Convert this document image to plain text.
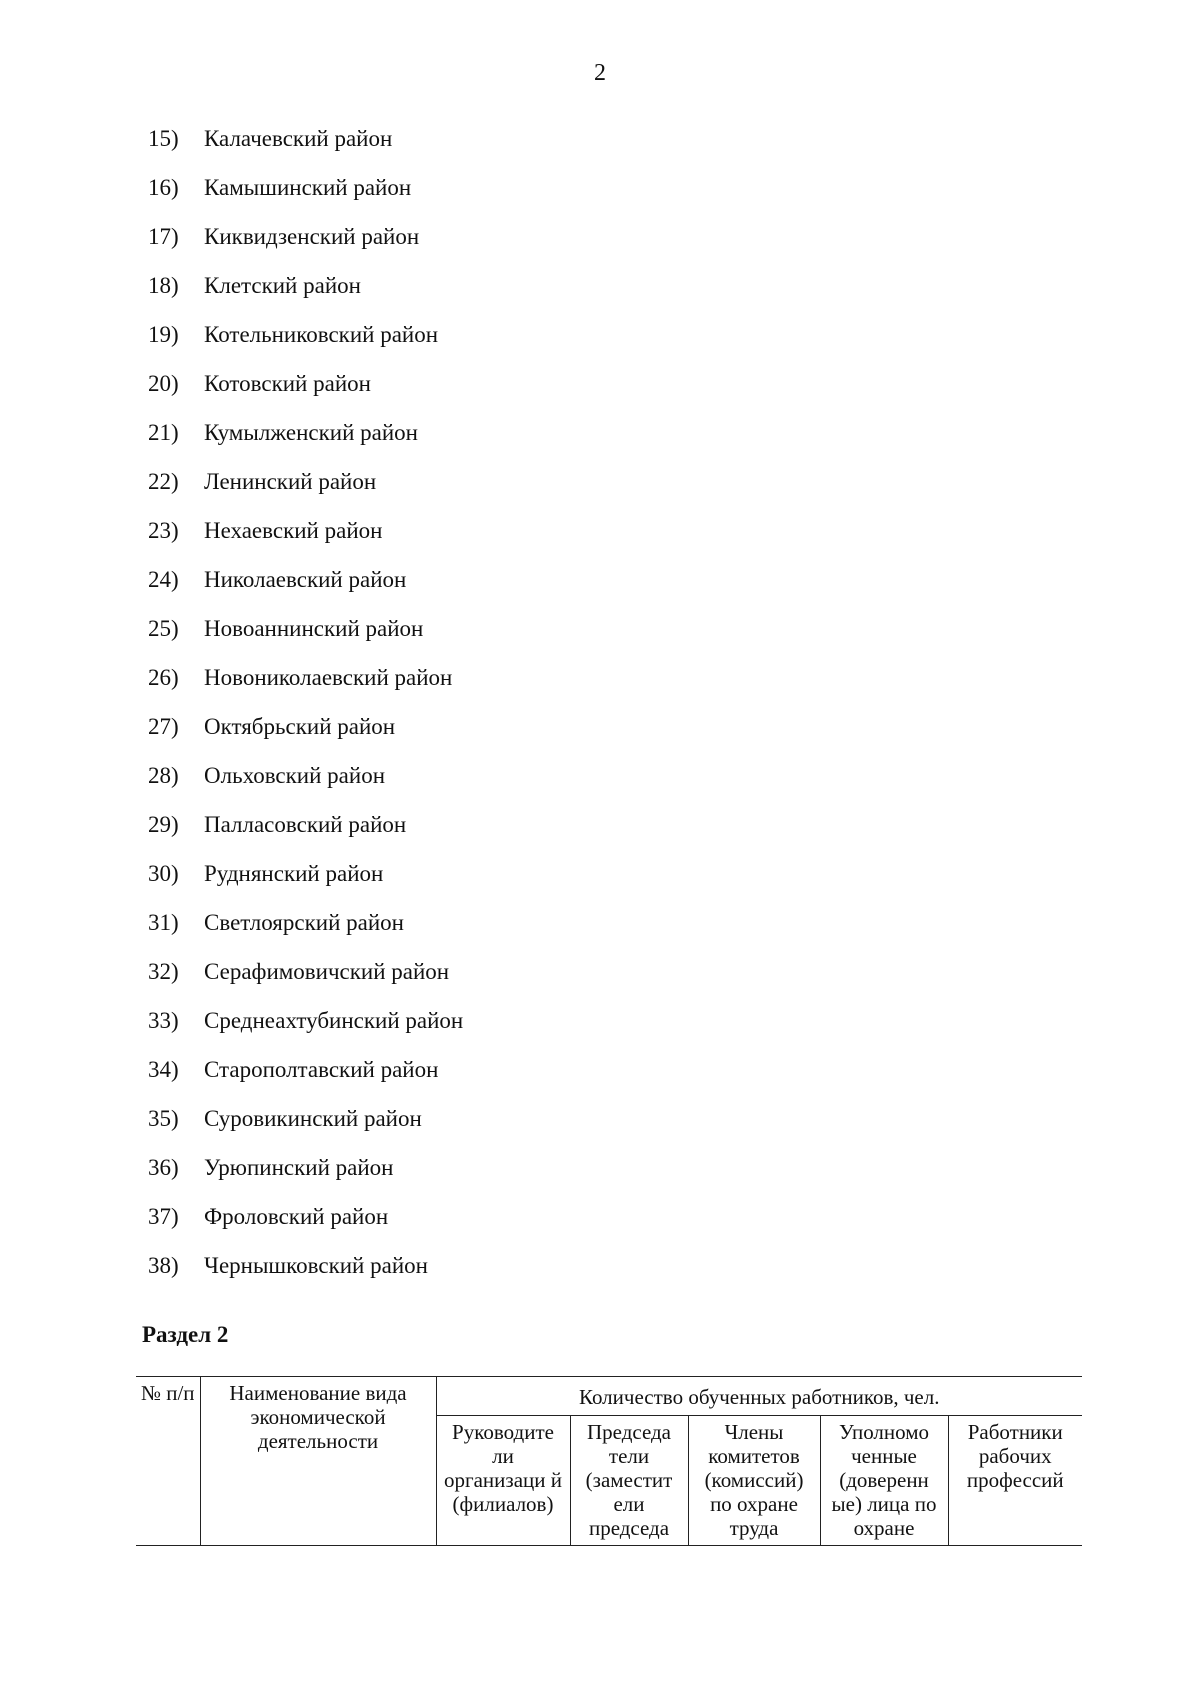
2
15) Калачевский район
16) Камышинский район
17) Киквидзенский район
18) Клетский район
19) Котельниковский район
20) Котовский район
21) Кумылженский район
22) Ленинский район
23) Нехаевский район
24) Николаевский район
25) Новоаннинский район
26) Новониколаевский район
27) Октябрьский район
28) Ольховский район
29) Палласовский район
30) Руднянский район
31) Светлоярский район
32) Серафимовичский район
33) Среднеахтубинский район
34) Старополтавский район
35) Суровикинский район
36) Урюпинский район
37) Фроловский район
38) Чернышковский район
Раздел 2
№ п/п	Наименование вида экономической деятельности	Количество обученных работников, чел.				
		Руководите ли организаци й (филиалов)	Председа тели (заместит ели председа	Члены комитетов (комиссий) по охране труда	Уполномо ченные (доверенн ые) лица по охране	Работники рабочих профессий
